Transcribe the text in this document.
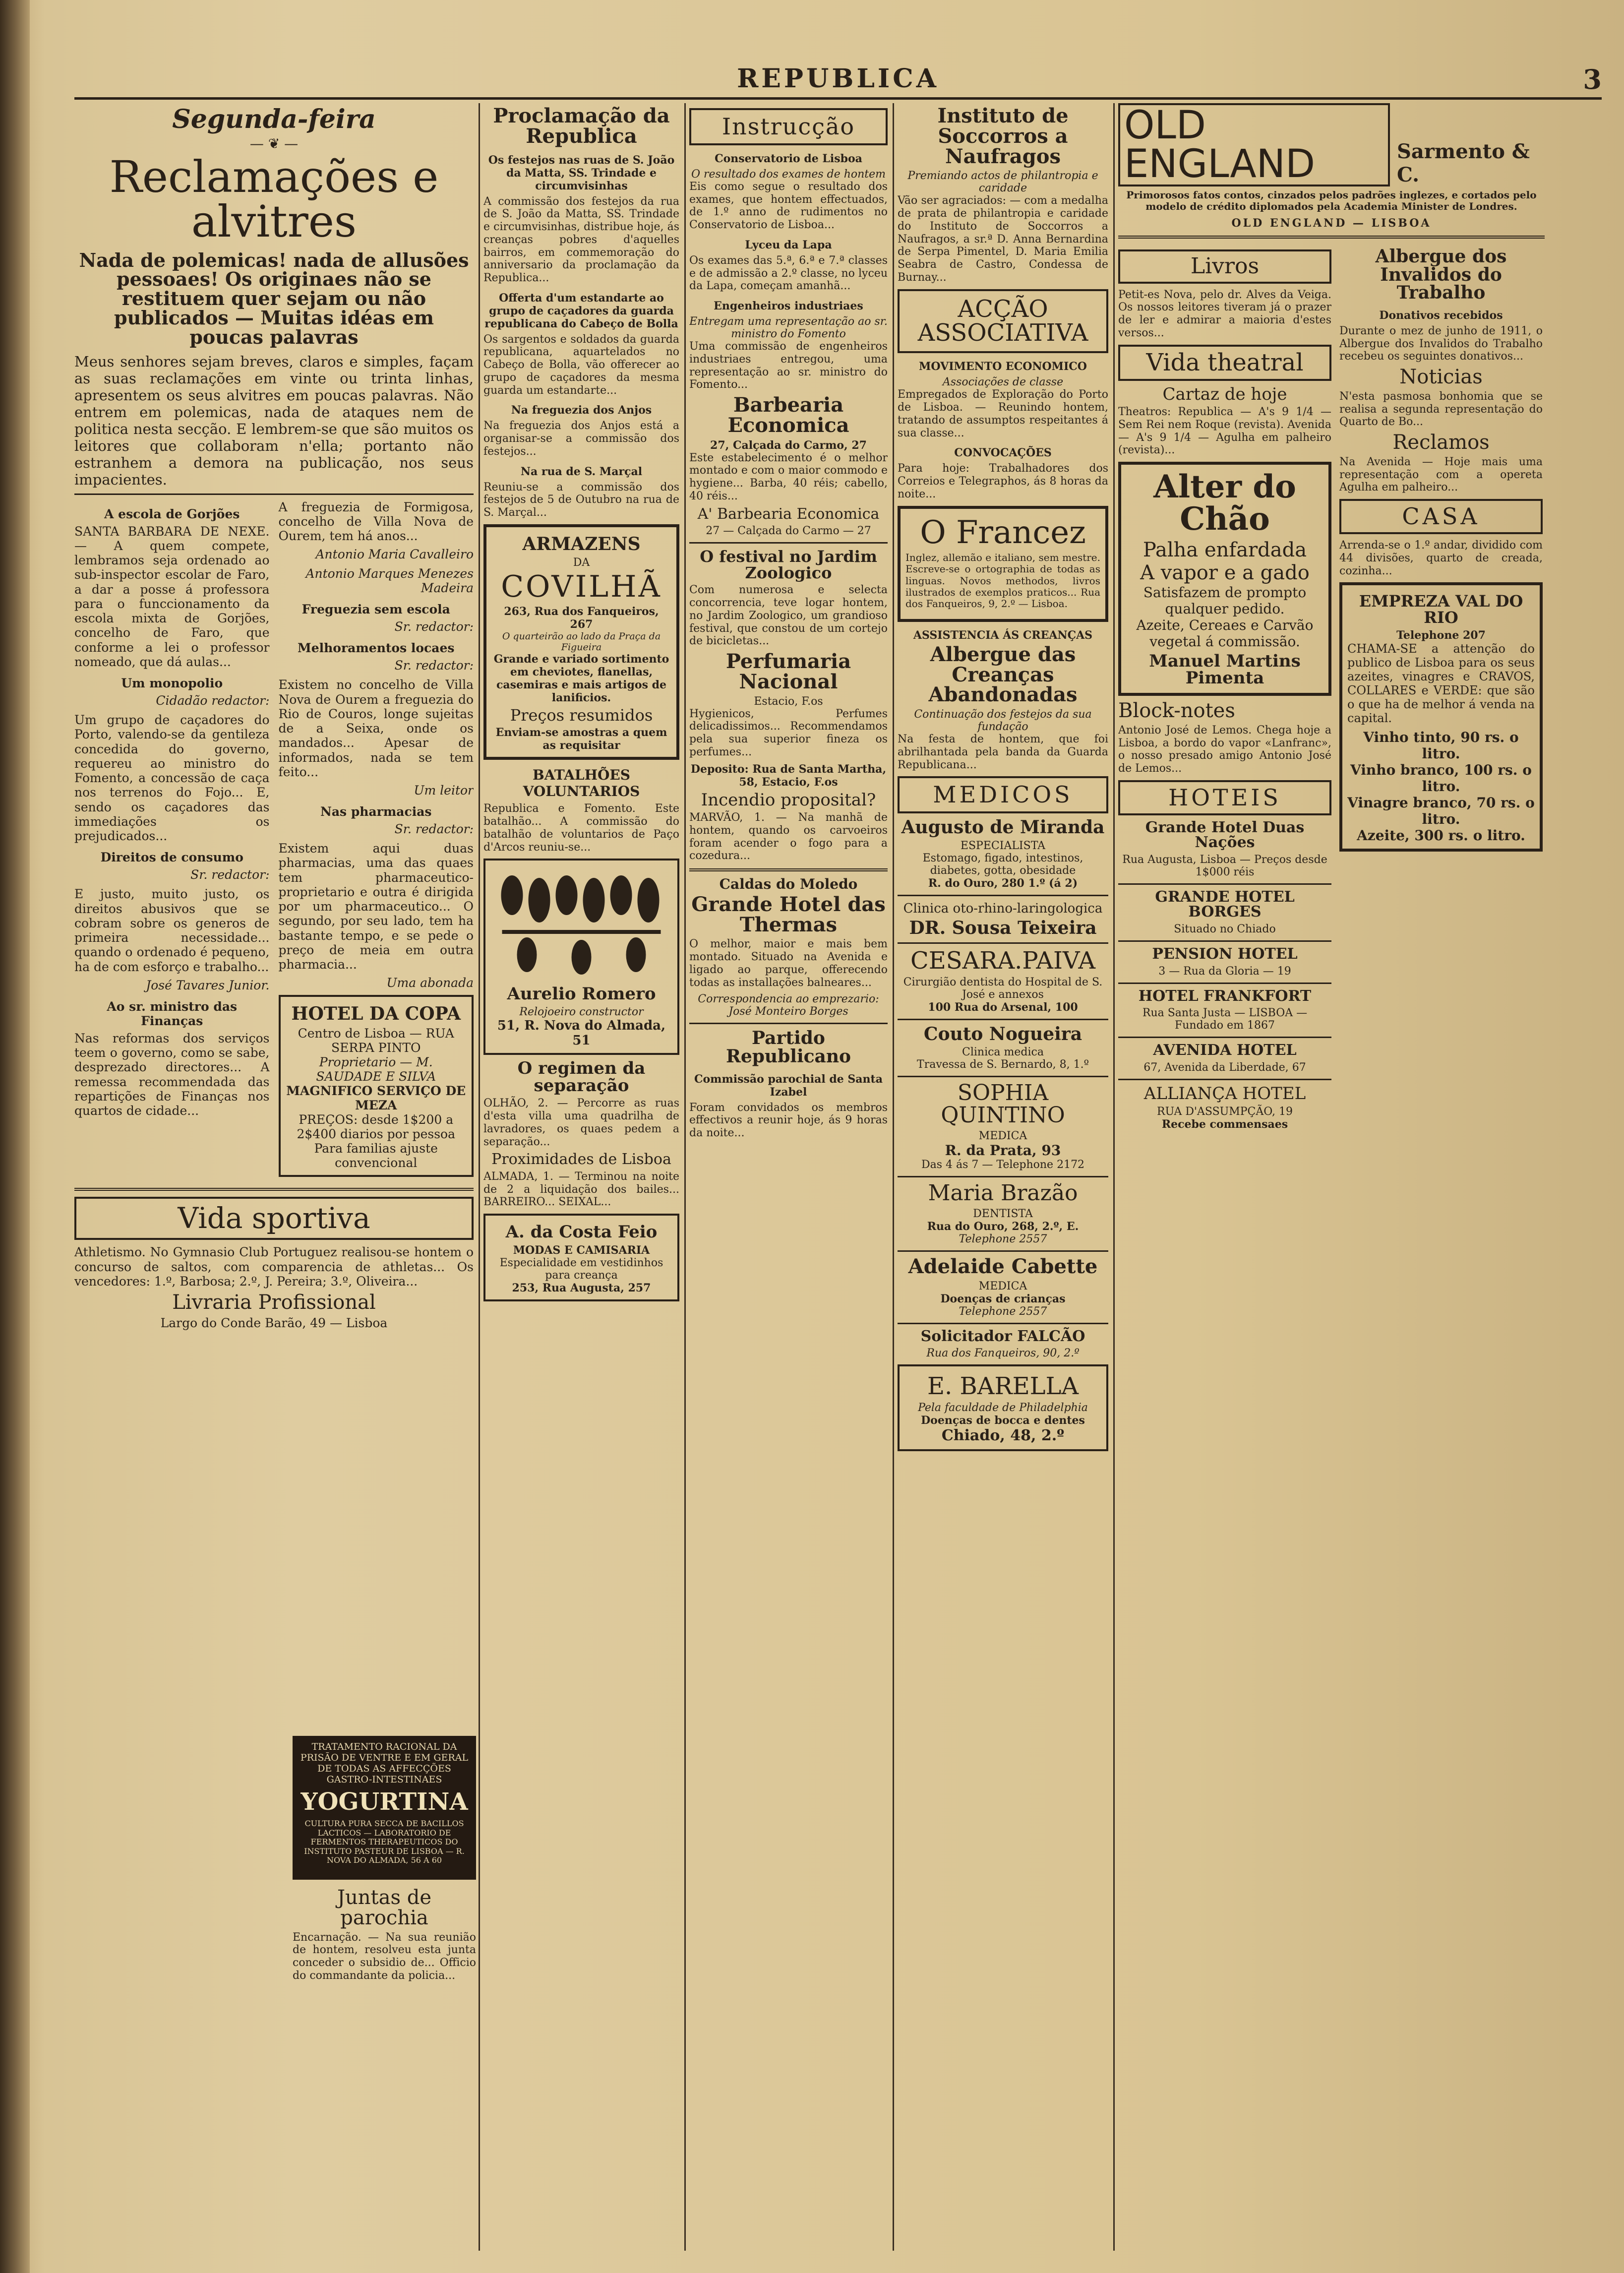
REPUBLICA	3
Segunda-feira
— ❦ —
Reclamações e alvitres
Nada de polemicas! nada de allusões pessoaes! Os originaes não se restituem quer sejam ou não publicados — Muitas idéas em poucas palavras

Meus senhores sejam breves, claros e simples, façam as suas reclamações em vinte ou trinta linhas, apresentem os seus alvitres em poucas palavras. Não entrem em polemicas, nada de ataques nem de politica nesta secção. E lembrem-se que são muitos os leitores que collaboram n'ella; portanto não estranhem a demora na publicação, nos seus impacientes.

A escola de Gorjões

SANTA BARBARA DE NEXE. — A quem compete, lembramos seja ordenado ao sub-inspector escolar de Faro, a dar a posse á professora para o funccionamento da escola mixta de Gorjões, concelho de Faro, que conforme a lei o professor nomeado, que dá aulas...

Um monopolio
Cidadão redactor:

Um grupo de caçadores do Porto, valendo-se da gentileza concedida do governo, requereu ao ministro do Fomento, a concessão de caça nos terrenos do Fojo... E, sendo os caçadores das immediações os prejudicados...

Direitos de consumo
Sr. redactor:

E justo, muito justo, os direitos abusivos que se cobram sobre os generos de primeira necessidade... quando o ordenado é pequeno, ha de com esforço e trabalho...

José Tavares Junior.
Ao sr. ministro das Finanças

Nas reformas dos serviços teem o governo, como se sabe, desprezado directores... A remessa recommendada das repartições de Finanças nos quartos de cidade...

A freguezia de Formigosa, concelho de Villa Nova de Ourem, tem há anos...

Antonio Maria Cavalleiro
Antonio Marques Menezes Madeira
Freguezia sem escola
Sr. redactor:
Melhoramentos locaes
Sr. redactor:

Existem no concelho de Villa Nova de Ourem a freguezia do Rio de Couros, longe sujeitas de a Seixa, onde os mandados... Apesar de informados, nada se tem feito...

Um leitor
Nas pharmacias
Sr. redactor:

Existem aqui duas pharmacias, uma das quaes tem pharmaceutico-proprietario e outra é dirigida por um pharmaceutico... O segundo, por seu lado, tem ha bastante tempo, e se pede o preço de meia em outra pharmacia...

Uma abonada
HOTEL DA COPA
Centro de Lisboa — RUA SERPA PINTO
Proprietario — M. SAUDADE E SILVA
MAGNIFICO SERVIÇO DE MEZA
PREÇOS: desde 1$200 a 2$400 diarios por pessoa
Para familias ajuste convencional
Vida sportiva

Athletismo. No Gymnasio Club Portuguez realisou-se hontem o concurso de saltos, com comparencia de athletas... Os vencedores: 1.º, Barbosa; 2.º, J. Pereira; 3.º, Oliveira...

Livraria Profissional
Largo do Conde Barão, 49 — Lisboa
Proclamação da Republica
Os festejos nas ruas de S. João da Matta, SS. Trindade e circumvisinhas

A commissão dos festejos da rua de S. João da Matta, SS. Trindade e circumvisinhas, distribue hoje, ás creanças pobres d'aquelles bairros, em commemoração do anniversario da proclamação da Republica...

Offerta d'um estandarte ao grupo de caçadores da guarda republicana do Cabeço de Bolla

Os sargentos e soldados da guarda republicana, aquartelados no Cabeço de Bolla, vão offerecer ao grupo de caçadores da mesma guarda um estandarte...

Na freguezia dos Anjos

Na freguezia dos Anjos está a organisar-se a commissão dos festejos...

Na rua de S. Marçal

Reuniu-se a commissão dos festejos de 5 de Outubro na rua de S. Marçal...

ARMAZENS
DA
COVILHÃ
263, Rua dos Fanqueiros, 267
O quarteirão ao lado da Praça da Figueira
Grande e variado sortimento em cheviotes, flanellas, casemiras e mais artigos de lanificios.
Preços resumidos
Enviam-se amostras a quem as requisitar
BATALHÕES VOLUNTARIOS

Republica e Fomento. Este batalhão... A commissão do batalhão de voluntarios de Paço d'Arcos reuniu-se...

Aurelio Romero
Relojoeiro constructor
51, R. Nova do Almada, 51
O regimen da separação

OLHÃO, 2. — Percorre as ruas d'esta villa uma quadrilha de lavradores, os quaes pedem a separação...

Proximidades de Lisboa

ALMADA, 1. — Terminou na noite de 2 a liquidação dos bailes... BARREIRO... SEIXAL...

A. da Costa Feio
MODAS E CAMISARIA
Especialidade em vestidinhos para creança
253, Rua Augusta, 257
TRATAMENTO RACIONAL DA PRISÃO DE VENTRE E EM GERAL DE TODAS AS AFFECÇÕES GASTRO-INTESTINAES
YOGURTINA
CULTURA PURA SECCA DE BACILLOS LACTICOS — LABORATORIO DE FERMENTOS THERAPEUTICOS DO INSTITUTO PASTEUR DE LISBOA — R. NOVA DO ALMADA, 56 A 60
Juntas de parochia

Encarnação. — Na sua reunião de hontem, resolveu esta junta conceder o subsidio de... Officio do commandante da policia...

Instrucção
Conservatorio de Lisboa
O resultado dos exames de hontem

Eis como segue o resultado dos exames, que hontem effectuados, de 1.º anno de rudimentos no Conservatorio de Lisboa...

Lyceu da Lapa

Os exames das 5.ª, 6.ª e 7.ª classes e de admissão a 2.º classe, no lyceu da Lapa, começam amanhã...

Engenheiros industriaes
Entregam uma representação ao sr. ministro do Fomento

Uma commissão de engenheiros industriaes entregou, uma representação ao sr. ministro do Fomento...

Barbearia Economica
27, Calçada do Carmo, 27

Este estabelecimento é o melhor montado e com o maior commodo e hygiene... Barba, 40 réis; cabello, 40 réis...

A' Barbearia Economica
27 — Calçada do Carmo — 27
O festival no Jardim Zoologico

Com numerosa e selecta concorrencia, teve logar hontem, no Jardim Zoologico, um grandioso festival, que constou de um cortejo de bicicletas...

Perfumaria Nacional
Estacio, F.os

Hygienicos, Perfumes delicadissimos... Recommendamos pela sua superior fineza os perfumes...

Deposito: Rua de Santa Martha, 58, Estacio, F.os
Incendio proposital?

MARVÃO, 1. — Na manhã de hontem, quando os carvoeiros foram acender o fogo para a cozedura...

Caldas do Moledo
Grande Hotel das Thermas

O melhor, maior e mais bem montado. Situado na Avenida e ligado ao parque, offerecendo todas as installações balneares...

Correspondencia ao emprezario: José Monteiro Borges
Partido Republicano
Commissão parochial de Santa Izabel

Foram convidados os membros effectivos a reunir hoje, ás 9 horas da noite...

Instituto de Soccorros a Naufragos
Premiando actos de philantropia e caridade

Vão ser agraciados: — com a medalha de prata de philantropia e caridade do Instituto de Soccorros a Naufragos, a sr.ª D. Anna Bernardina de Serpa Pimentel, D. Maria Emilia Seabra de Castro, Condessa de Burnay...

ACÇÃO ASSOCIATIVA
MOVIMENTO ECONOMICO
Associações de classe

Empregados de Exploração do Porto de Lisboa. — Reunindo hontem, tratando de assumptos respeitantes á sua classe...

CONVOCAÇÕES

Para hoje: Trabalhadores dos Correios e Telegraphos, ás 8 horas da noite...

O Francez

Inglez, allemão e italiano, sem mestre. Escreve-se o ortographia de todas as linguas. Novos methodos, livros ilustrados de exemplos praticos... Rua dos Fanqueiros, 9, 2.º — Lisboa.

ASSISTENCIA ÁS CREANÇAS
Albergue das Creanças Abandonadas
Continuação dos festejos da sua fundação

Na festa de hontem, que foi abrilhantada pela banda da Guarda Republicana...

MEDICOS
Augusto de Miranda
ESPECIALISTA
Estomago, figado, intestinos, diabetes, gotta, obesidade
R. do Ouro, 280 1.º (á 2)
Clinica oto-rhino-laringologica
DR. Sousa Teixeira
CESARA.PAIVA
Cirurgião dentista do Hospital de S. José e annexos
100 Rua do Arsenal, 100
Couto Nogueira
Clinica medica
Travessa de S. Bernardo, 8, 1.º
SOPHIA QUINTINO
MEDICA
R. da Prata, 93
Das 4 ás 7 — Telephone 2172
Maria Brazão
DENTISTA
Rua do Ouro, 268, 2.º, E.
Telephone 2557
Adelaide Cabette
MEDICA
Doenças de crianças
Telephone 2557
Solicitador FALCÃO
Rua dos Fanqueiros, 90, 2.º
E. BARELLA
Pela faculdade de Philadelphia
Doenças de bocca e dentes
Chiado, 48, 2.º
OLD ENGLAND	Sarmento & C.

Primorosos fatos contos, cinzados pelos padrões inglezes, e cortados pelo modelo de crédito diplomados pela Academia Minister de Londres.

OLD ENGLAND — LISBOA
Livros

Petit-es Nova, pelo dr. Alves da Veiga. Os nossos leitores tiveram já o prazer de ler e admirar a maioria d'estes versos...

Vida theatral
Cartaz de hoje

Theatros: Republica — A's 9 1/4 — Sem Rei nem Roque (revista). Avenida — A's 9 1/4 — Agulha em palheiro (revista)...

Alter do Chão
Palha enfardada
A vapor e a gado
Satisfazem de prompto qualquer pedido.
Azeite, Cereaes e Carvão vegetal á commissão.
Manuel Martins Pimenta
Block-notes

Antonio José de Lemos. Chega hoje a Lisboa, a bordo do vapor «Lanfranc», o nosso presado amigo Antonio José de Lemos...

HOTEIS
Grande Hotel Duas Nações
Rua Augusta, Lisboa — Preços desde 1$000 réis
GRANDE HOTEL BORGES
Situado no Chiado
PENSION HOTEL
3 — Rua da Gloria — 19
HOTEL FRANKFORT
Rua Santa Justa — LISBOA — Fundado em 1867
AVENIDA HOTEL
67, Avenida da Liberdade, 67
ALLIANÇA HOTEL
RUA D'ASSUMPÇÃO, 19
Recebe commensaes
Albergue dos Invalidos do Trabalho
Donativos recebidos

Durante o mez de junho de 1911, o Albergue dos Invalidos do Trabalho recebeu os seguintes donativos...

Noticias

N'esta pasmosa bonhomia que se realisa a segunda representação do Quarto de Bo...

Reclamos

Na Avenida — Hoje mais uma representação com a opereta Agulha em palheiro...

CASA

Arrenda-se o 1.º andar, dividido com 44 divisões, quarto de creada, cozinha...

EMPREZA VAL DO RIO
Telephone 207

CHAMA-SE a attenção do publico de Lisboa para os seus azeites, vinagres e CRAVOS, COLLARES e VERDE: que são o que ha de melhor á venda na capital.

Vinho tinto, 90 rs. o litro.
Vinho branco, 100 rs. o litro.
Vinagre branco, 70 rs. o litro.
Azeite, 300 rs. o litro.
